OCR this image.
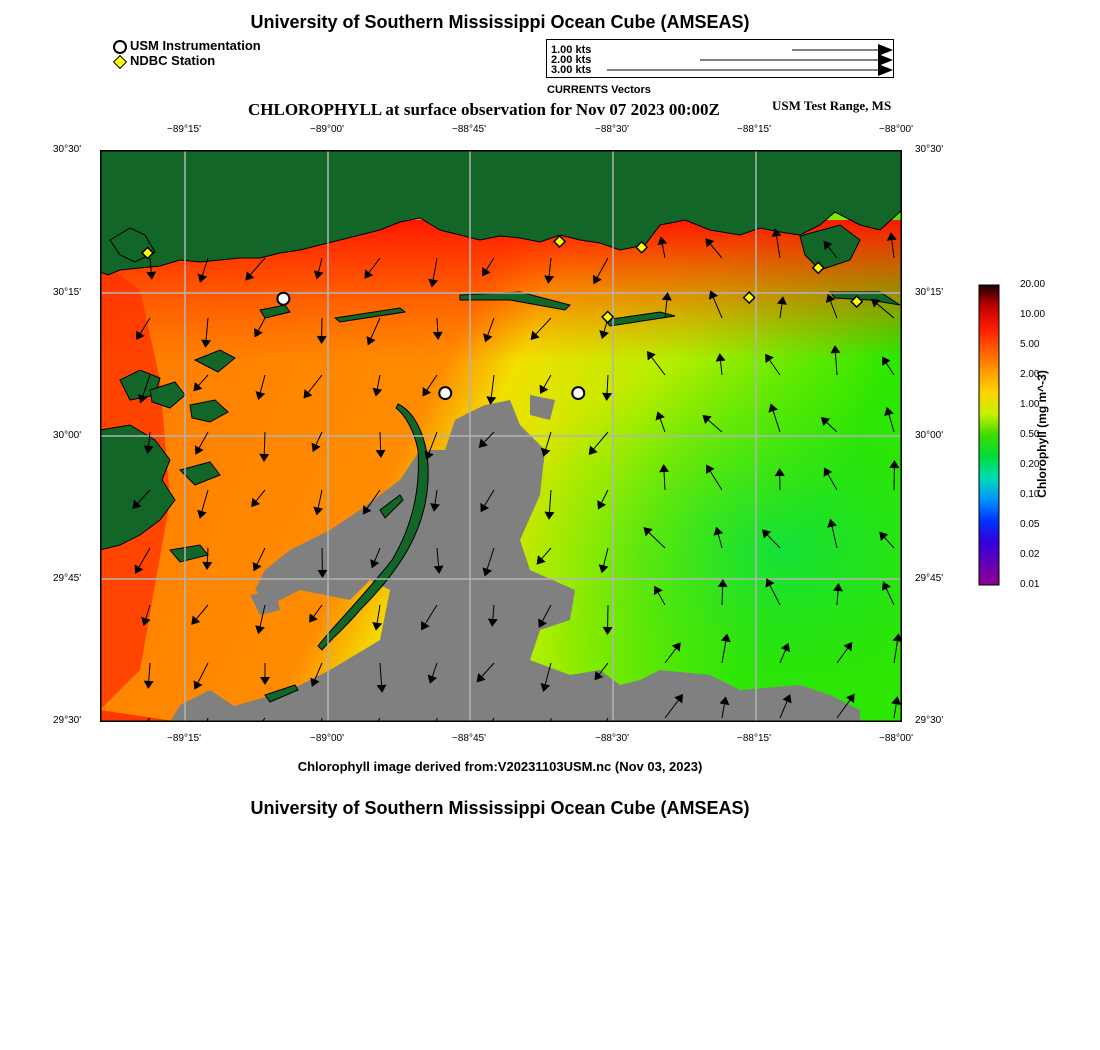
University of Southern Mississippi Ocean Cube (AMSEAS)
USM Instrumentation
NDBC Station
1.00 kts
2.00 kts
3.00 kts
CURRENTS Vectors
CHLOROPHYLL at surface observation for Nov 07 2023 00:00Z	USM Test Range, MS
−89°15'	−89°00'	−88°45'	−88°30'	−88°15'	−88°00'
−89°15'	−89°00'	−88°45'	−88°30'	−88°15'	−88°00'
30°30'
30°15'
30°00'
29°45'
29°30'
30°30'
30°15'
30°00'
29°45'
29°30'
Chlorophyll image derived from:V20231103USM.nc (Nov 03, 2023)
Chlorophyll (mg m^-3)
20.00
10.00
5.00
2.00
1.00
0.50
0.20
0.10
0.05
0.02
0.01
University of Southern Mississippi Ocean Cube (AMSEAS)
